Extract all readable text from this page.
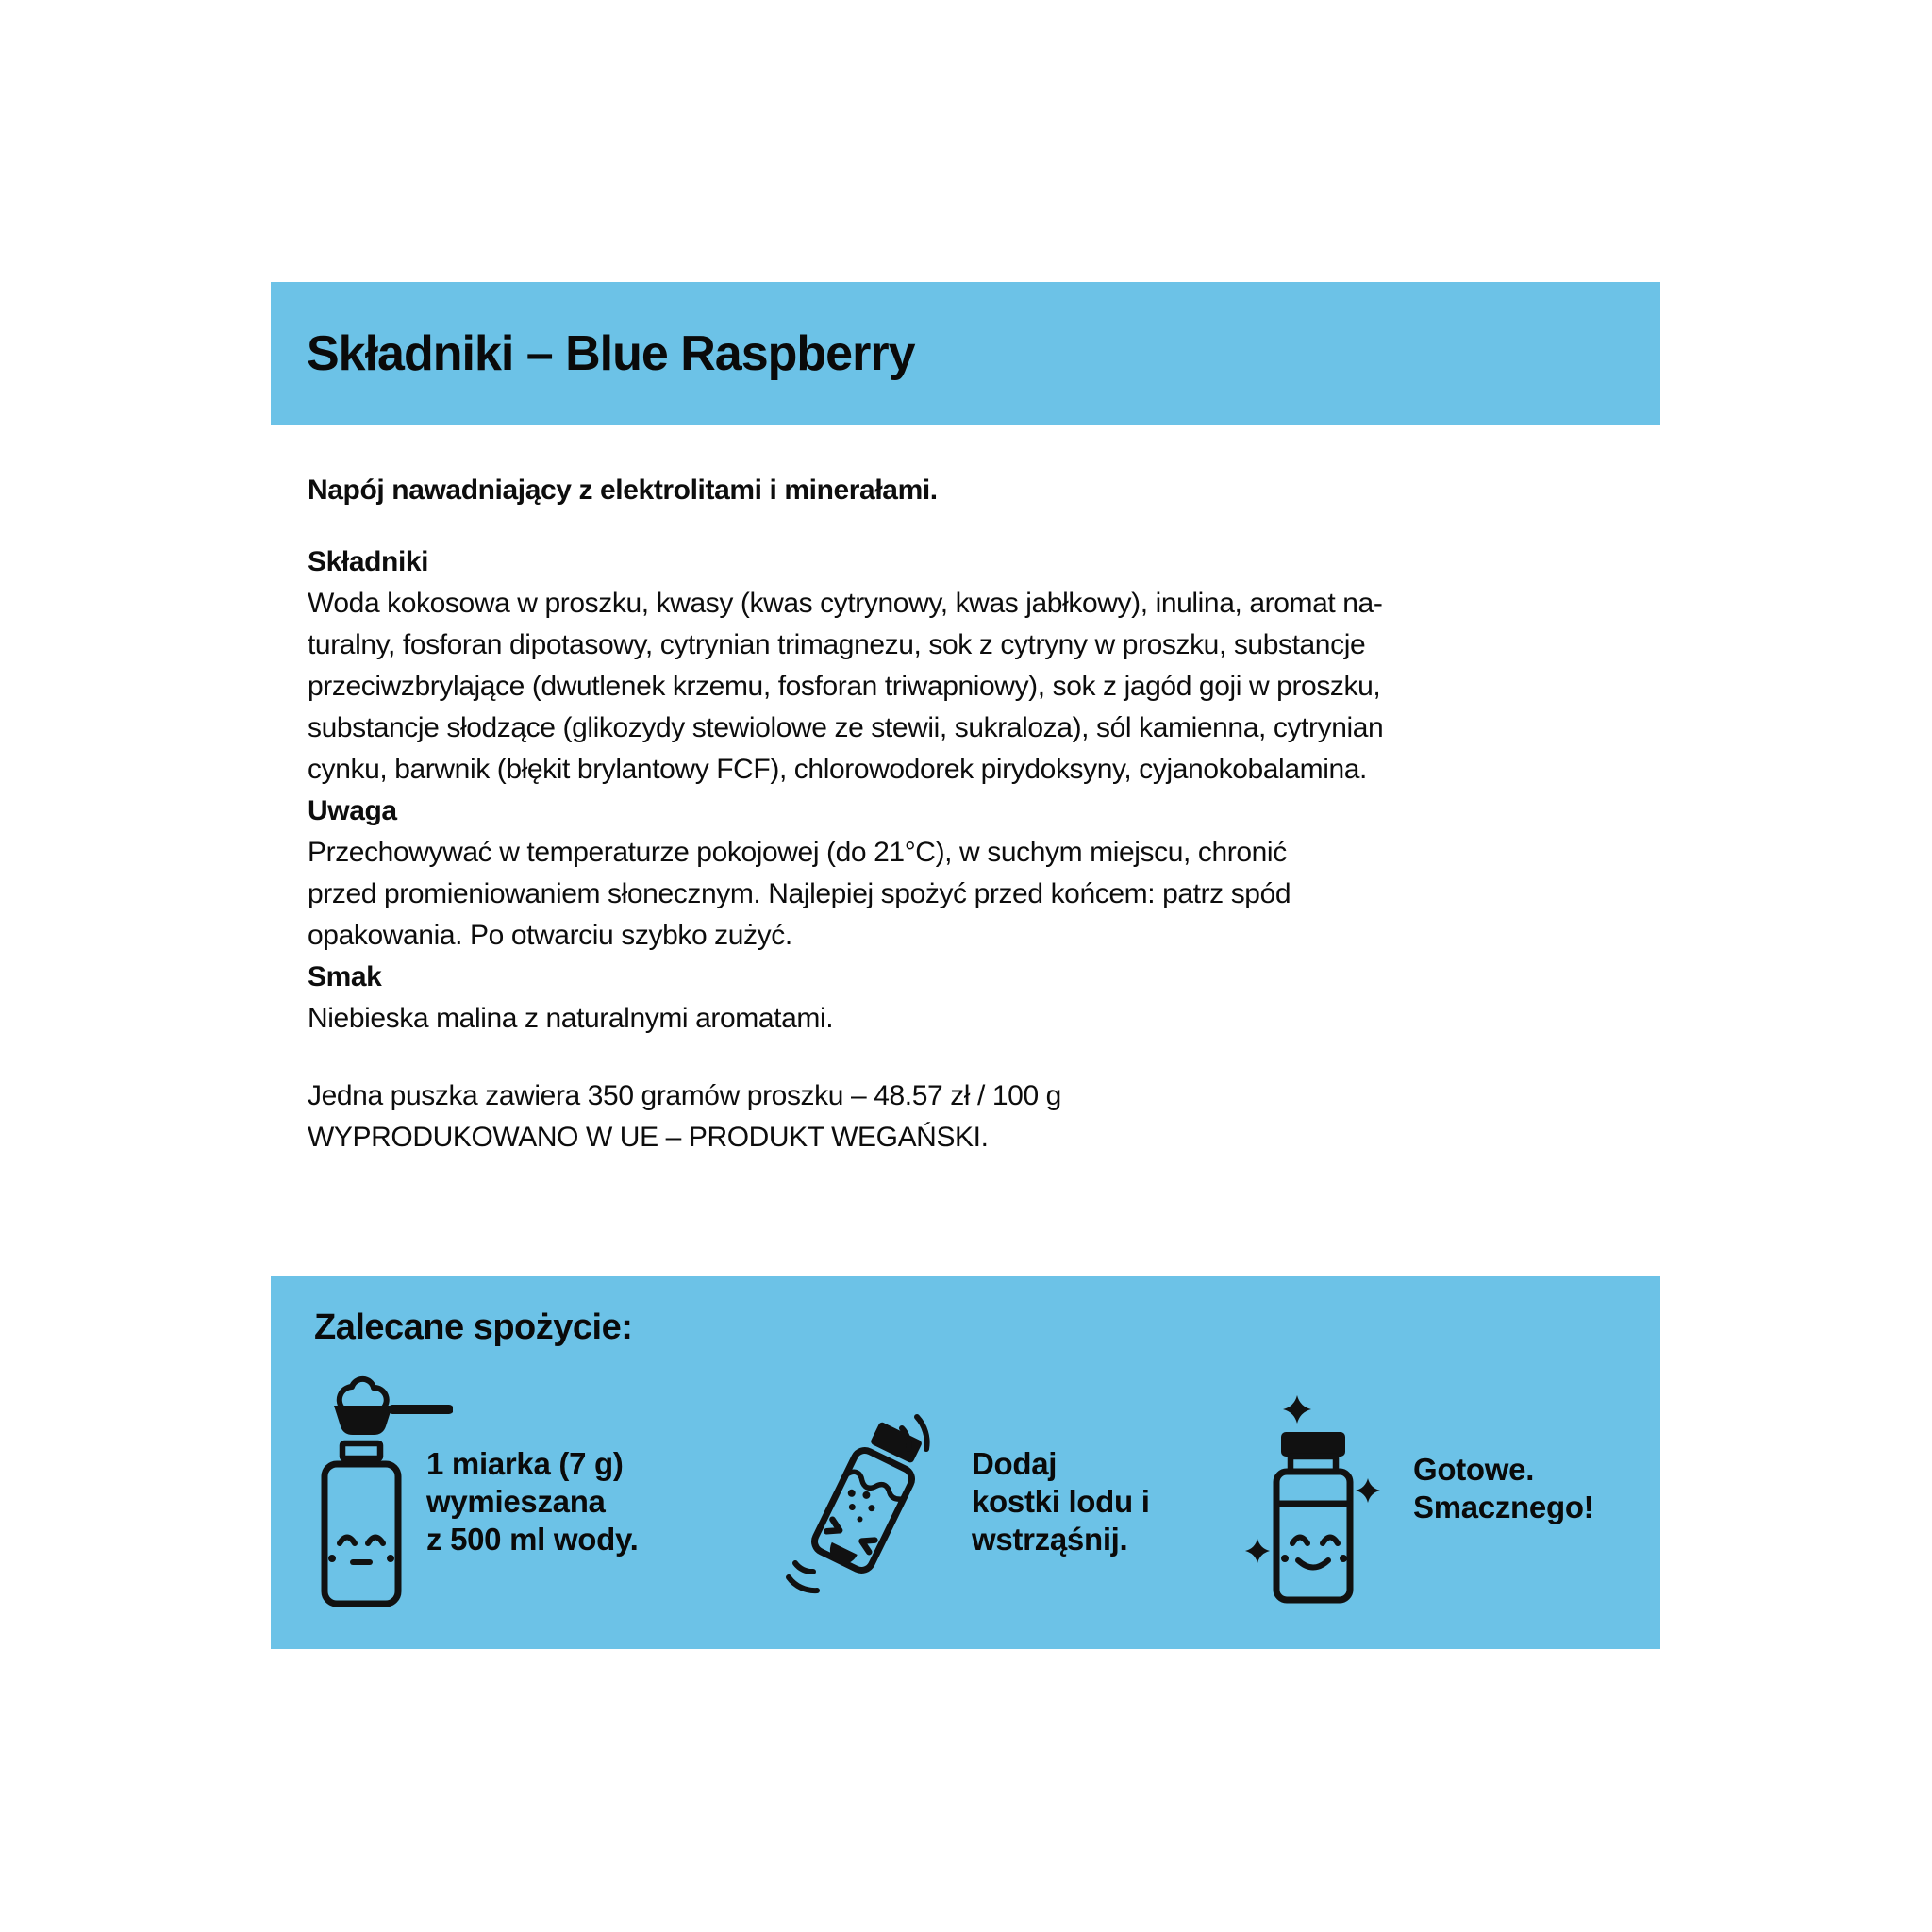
Składniki – Blue Raspberry
Napój nawadniający z elektrolitami i minerałami.
Składniki
Woda kokosowa w proszku, kwasy (kwas cytrynowy, kwas jabłkowy), inulina, aromat na-
turalny, fosforan dipotasowy, cytrynian trimagnezu, sok z cytryny w proszku, substancje
przeciwzbrylające (dwutlenek krzemu, fosforan triwapniowy), sok z jagód goji w proszku,
substancje słodzące (glikozydy stewiolowe ze stewii, sukraloza), sól kamienna, cytrynian
cynku, barwnik (błękit brylantowy FCF), chlorowodorek pirydoksyny, cyjanokobalamina.
Uwaga
Przechowywać w temperaturze pokojowej (do 21°C), w suchym miejscu, chronić
przed promieniowaniem słonecznym. Najlepiej spożyć przed końcem: patrz spód
opakowania. Po otwarciu szybko zużyć.
Smak
Niebieska malina z naturalnymi aromatami.
Jedna puszka zawiera 350 gramów proszku – 48.57 zł / 100 g
WYPRODUKOWANO W UE – PRODUKT WEGAŃSKI.
Zalecane spożycie:
1 miarka (7 g)
wymieszana
z 500 ml wody.
Dodaj
kostki lodu i
wstrząśnij.
Gotowe.
Smacznego!
